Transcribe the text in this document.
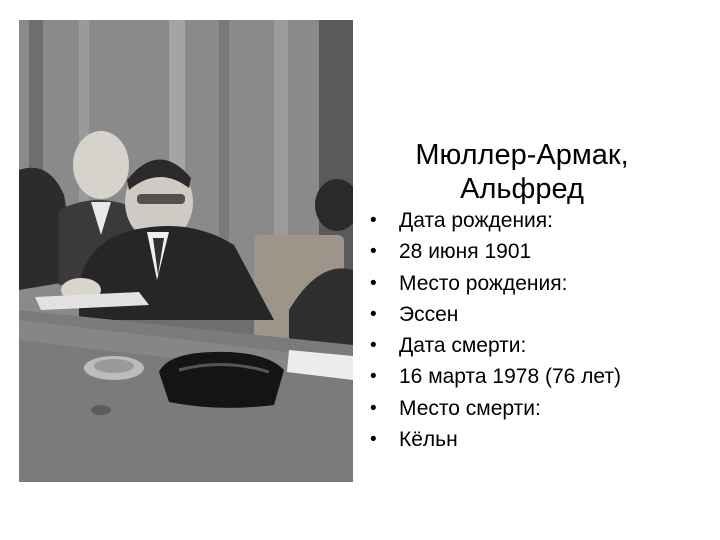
Мюллер-Армак,
Альфред
• Дата рождения:
• 28 июня 1901
• Место рождения:
• Эссен
• Дата смерти:
• 16 марта 1978 (76 лет)
• Место смерти:
• Кёльн
